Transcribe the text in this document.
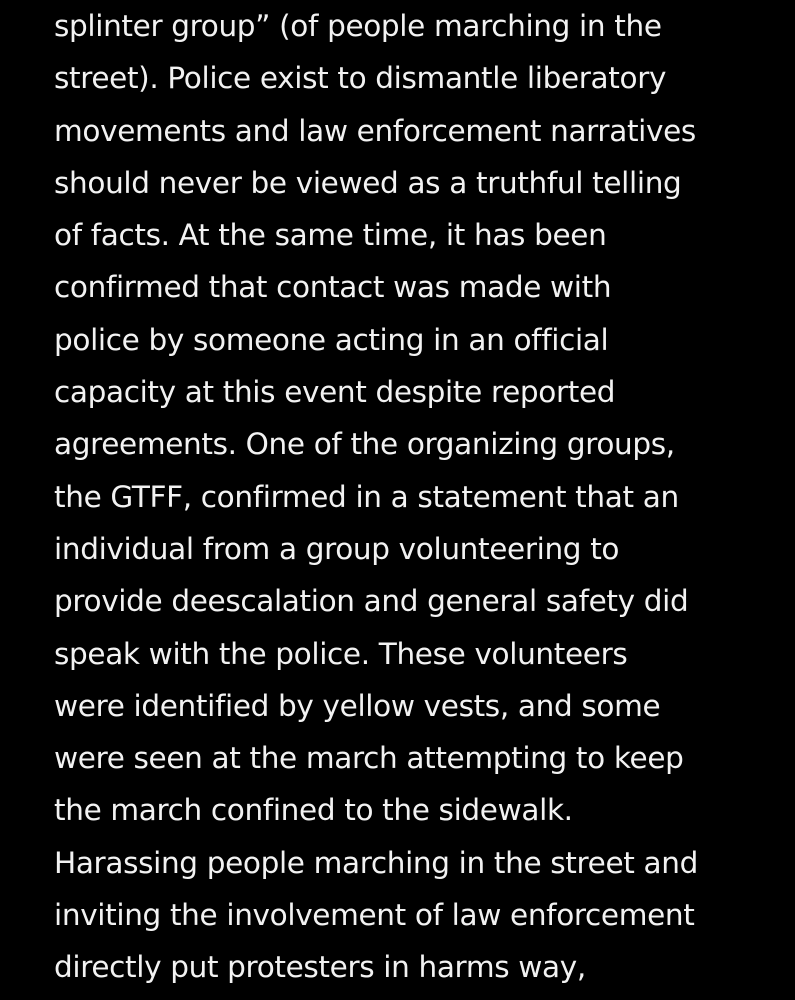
splinter group” (of people marching in the
street). Police exist to dismantle liberatory
movements and law enforcement narratives
should never be viewed as a truthful telling
of facts. At the same time, it has been
confirmed that contact was made with
police by someone acting in an official
capacity at this event despite reported
agreements. One of the organizing groups,
the GTFF, confirmed in a statement that an
individual from a group volunteering to
provide deescalation and general safety did
speak with the police. These volunteers
were identified by yellow vests, and some
were seen at the march attempting to keep
the march confined to the sidewalk.
Harassing people marching in the street and
inviting the involvement of law enforcement
directly put protesters in harms way,
